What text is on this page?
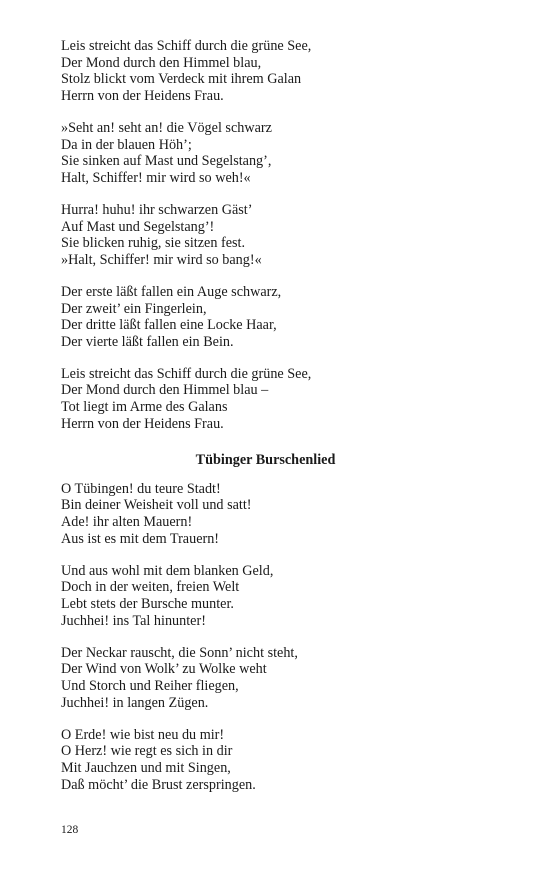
Leis streicht das Schiff durch die grüne See,
Der Mond durch den Himmel blau,
Stolz blickt vom Verdeck mit ihrem Galan
Herrn von der Heidens Frau.
»Seht an! seht an! die Vögel schwarz
Da in der blauen Höh’;
Sie sinken auf Mast und Segelstang’,
Halt, Schiffer! mir wird so weh!«
Hurra! huhu! ihr schwarzen Gäst’
Auf Mast und Segelstang’!
Sie blicken ruhig, sie sitzen fest.
»Halt, Schiffer! mir wird so bang!«
Der erste läßt fallen ein Auge schwarz,
Der zweit’ ein Fingerlein,
Der dritte läßt fallen eine Locke Haar,
Der vierte läßt fallen ein Bein.
Leis streicht das Schiff durch die grüne See,
Der Mond durch den Himmel blau –
Tot liegt im Arme des Galans
Herrn von der Heidens Frau.
Tübinger Burschenlied
O Tübingen! du teure Stadt!
Bin deiner Weisheit voll und satt!
Ade! ihr alten Mauern!
Aus ist es mit dem Trauern!
Und aus wohl mit dem blanken Geld,
Doch in der weiten, freien Welt
Lebt stets der Bursche munter.
Juchhei! ins Tal hinunter!
Der Neckar rauscht, die Sonn’ nicht steht,
Der Wind von Wolk’ zu Wolke weht
Und Storch und Reiher fliegen,
Juchhei! in langen Zügen.
O Erde! wie bist neu du mir!
O Herz! wie regt es sich in dir
Mit Jauchzen und mit Singen,
Daß möcht’ die Brust zerspringen.
128
